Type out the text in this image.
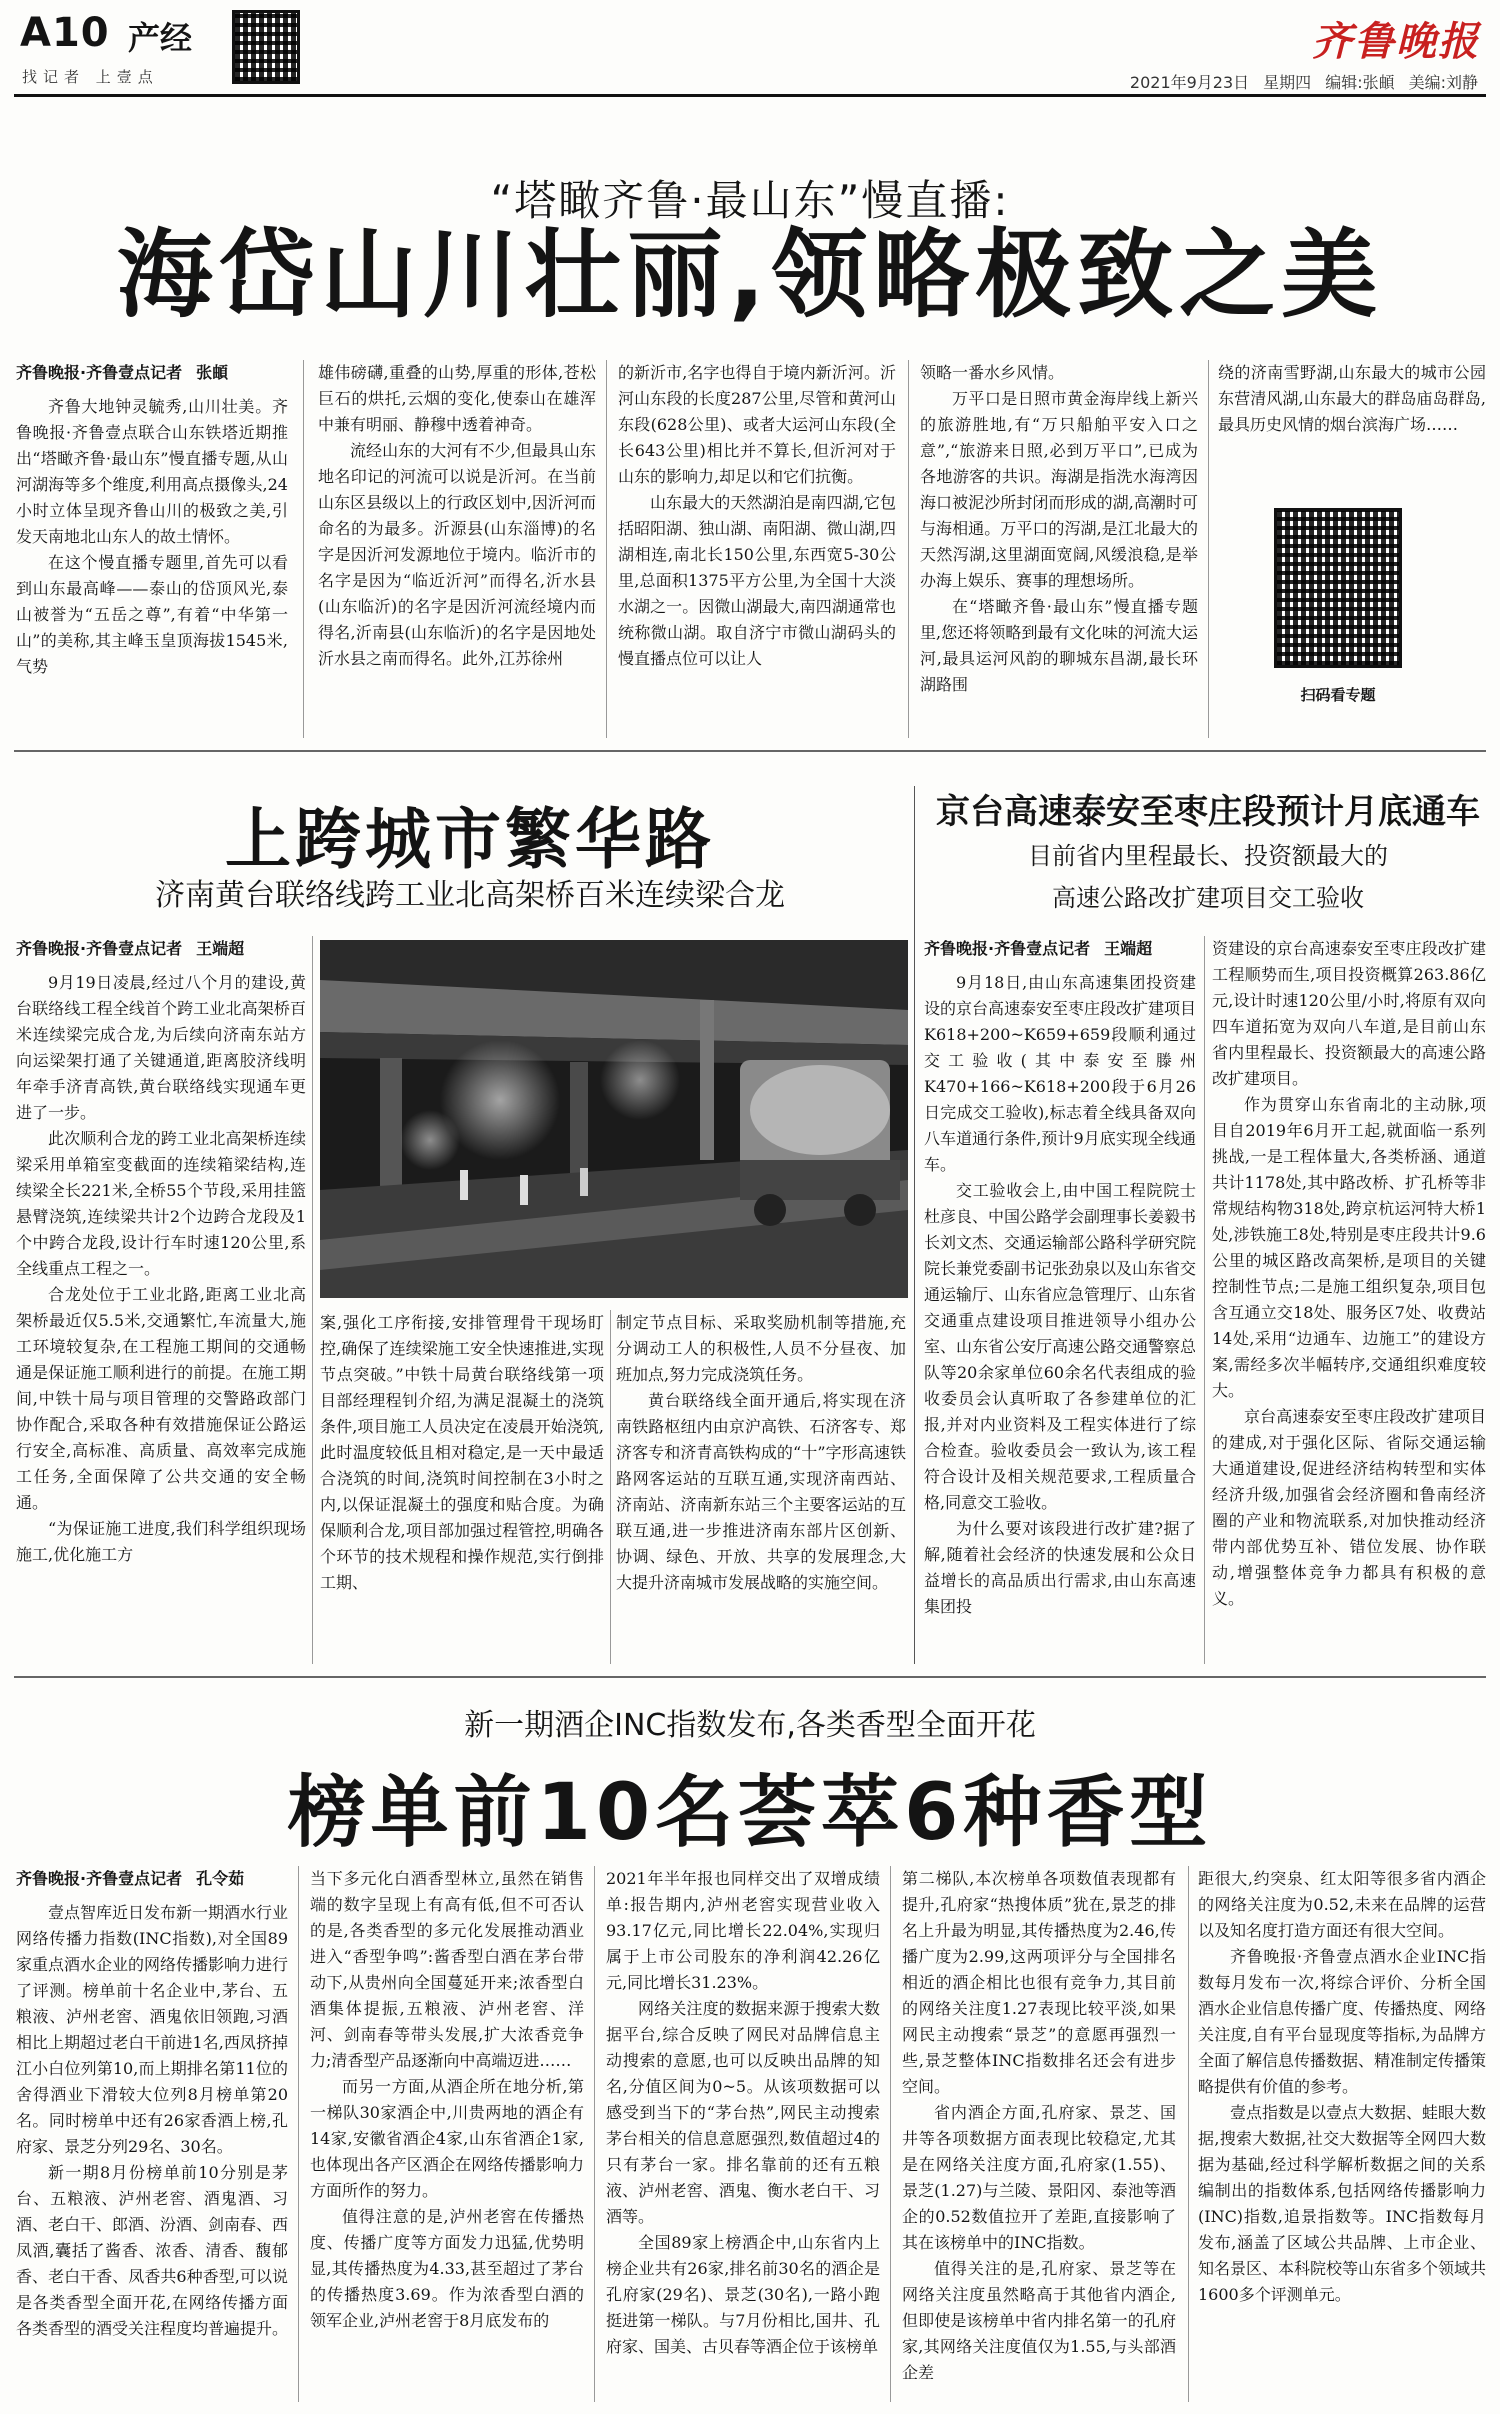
A10 产经
找记者 上壹点
齐鲁晚报
2021年9月23日 星期四 编辑:张頔 美编:刘静
“塔瞰齐鲁·最山东”慢直播:
海岱山川壮丽,领略极致之美
齐鲁晚报·齐鲁壹点记者 张頔

齐鲁大地钟灵毓秀,山川壮美。齐鲁晚报·齐鲁壹点联合山东铁塔近期推出“塔瞰齐鲁·最山东”慢直播专题,从山河湖海等多个维度,利用高点摄像头,24小时立体呈现齐鲁山川的极致之美,引发天南地北山东人的故土情怀。

在这个慢直播专题里,首先可以看到山东最高峰——泰山的岱顶风光,泰山被誉为“五岳之尊”,有着“中华第一山”的美称,其主峰玉皇顶海拔1545米,气势

雄伟磅礴,重叠的山势,厚重的形体,苍松巨石的烘托,云烟的变化,使泰山在雄浑中兼有明丽、静穆中透着神奇。

流经山东的大河有不少,但最具山东地名印记的河流可以说是沂河。在当前山东区县级以上的行政区划中,因沂河而命名的为最多。沂源县(山东淄博)的名字是因沂河发源地位于境内。临沂市的名字是因为“临近沂河”而得名,沂水县(山东临沂)的名字是因沂河流经境内而得名,沂南县(山东临沂)的名字是因地处沂水县之南而得名。此外,江苏徐州

的新沂市,名字也得自于境内新沂河。沂河山东段的长度287公里,尽管和黄河山东段(628公里)、或者大运河山东段(全长643公里)相比并不算长,但沂河对于山东的影响力,却足以和它们抗衡。

山东最大的天然湖泊是南四湖,它包括昭阳湖、独山湖、南阳湖、微山湖,四湖相连,南北长150公里,东西宽5-30公里,总面积1375平方公里,为全国十大淡水湖之一。因微山湖最大,南四湖通常也统称微山湖。取自济宁市微山湖码头的慢直播点位可以让人

领略一番水乡风情。

万平口是日照市黄金海岸线上新兴的旅游胜地,有“万只船舶平安入口之意”,“旅游来日照,必到万平口”,已成为各地游客的共识。海湖是指洗水海湾因海口被泥沙所封闭而形成的湖,高潮时可与海相通。万平口的泻湖,是江北最大的天然泻湖,这里湖面宽阔,风缓浪稳,是举办海上娱乐、赛事的理想场所。

在“塔瞰齐鲁·最山东”慢直播专题里,您还将领略到最有文化味的河流大运河,最具运河风韵的聊城东昌湖,最长环湖路围

绕的济南雪野湖,山东最大的城市公园东营清风湖,山东最大的群岛庙岛群岛,最具历史风情的烟台滨海广场……

扫码看专题
上跨城市繁华路
济南黄台联络线跨工业北高架桥百米连续梁合龙
齐鲁晚报·齐鲁壹点记者 王端超

9月19日凌晨,经过八个月的建设,黄台联络线工程全线首个跨工业北高架桥百米连续梁完成合龙,为后续向济南东站方向运梁架打通了关键通道,距离胶济线明年牵手济青高铁,黄台联络线实现通车更进了一步。

此次顺利合龙的跨工业北高架桥连续梁采用单箱室变截面的连续箱梁结构,连续梁全长221米,全桥55个节段,采用挂篮悬臂浇筑,连续梁共计2个边跨合龙段及1个中跨合龙段,设计行车时速120公里,系全线重点工程之一。

合龙处位于工业北路,距离工业北高架桥最近仅5.5米,交通繁忙,车流量大,施工环境较复杂,在工程施工期间的交通畅通是保证施工顺利进行的前提。在施工期间,中铁十局与项目管理的交警路政部门协作配合,采取各种有效措施保证公路运行安全,高标准、高质量、高效率完成施工任务,全面保障了公共交通的安全畅通。

“为保证施工进度,我们科学组织现场施工,优化施工方

案,强化工序衔接,安排管理骨干现场盯控,确保了连续梁施工安全快速推进,实现节点突破。”中铁十局黄台联络线第一项目部经理程钊介绍,为满足混凝土的浇筑条件,项目施工人员决定在凌晨开始浇筑,此时温度较低且相对稳定,是一天中最适合浇筑的时间,浇筑时间控制在3小时之内,以保证混凝土的强度和贴合度。为确保顺利合龙,项目部加强过程管控,明确各个环节的技术规程和操作规范,实行倒排工期、

制定节点目标、采取奖励机制等措施,充分调动工人的积极性,人员不分昼夜、加班加点,努力完成浇筑任务。

黄台联络线全面开通后,将实现在济南铁路枢纽内由京沪高铁、石济客专、郑济客专和济青高铁构成的“十”字形高速铁路网客运站的互联互通,实现济南西站、济南站、济南新东站三个主要客运站的互联互通,进一步推进济南东部片区创新、协调、绿色、开放、共享的发展理念,大大提升济南城市发展战略的实施空间。

京台高速泰安至枣庄段预计月底通车
目前省内里程最长、投资额最大的
高速公路改扩建项目交工验收
齐鲁晚报·齐鲁壹点记者 王端超

9月18日,由山东高速集团投资建设的京台高速泰安至枣庄段改扩建项目K618+200~K659+659段顺利通过交工验收(其中泰安至滕州K470+166~K618+200段于6月26日完成交工验收),标志着全线具备双向八车道通行条件,预计9月底实现全线通车。

交工验收会上,由中国工程院院士杜彦良、中国公路学会副理事长姜毅书长刘文杰、交通运输部公路科学研究院院长兼党委副书记张劲泉以及山东省交通运输厅、山东省应急管理厅、山东省交通重点建设项目推进领导小组办公室、山东省公安厅高速公路交通警察总队等20余家单位60余名代表组成的验收委员会认真听取了各参建单位的汇报,并对内业资料及工程实体进行了综合检查。验收委员会一致认为,该工程符合设计及相关规范要求,工程质量合格,同意交工验收。

为什么要对该段进行改扩建?据了解,随着社会经济的快速发展和公众日益增长的高品质出行需求,由山东高速集团投

资建设的京台高速泰安至枣庄段改扩建工程顺势而生,项目投资概算263.86亿元,设计时速120公里/小时,将原有双向四车道拓宽为双向八车道,是目前山东省内里程最长、投资额最大的高速公路改扩建项目。

作为贯穿山东省南北的主动脉,项目自2019年6月开工起,就面临一系列挑战,一是工程体量大,各类桥涵、通道共计1178处,其中路改桥、扩孔桥等非常规结构物318处,跨京杭运河特大桥1处,涉铁施工8处,特别是枣庄段共计9.6公里的城区路改高架桥,是项目的关键控制性节点;二是施工组织复杂,项目包含互通立交18处、服务区7处、收费站14处,采用“边通车、边施工”的建设方案,需经多次半幅转序,交通组织难度较大。

京台高速泰安至枣庄段改扩建项目的建成,对于强化区际、省际交通运输大通道建设,促进经济结构转型和实体经济升级,加强省会经济圈和鲁南经济圈的产业和物流联系,对加快推动经济带内部优势互补、错位发展、协作联动,增强整体竞争力都具有积极的意义。

新一期酒企INC指数发布,各类香型全面开花
榜单前10名荟萃6种香型
齐鲁晚报·齐鲁壹点记者 孔令茹

壹点智库近日发布新一期酒水行业网络传播力指数(INC指数),对全国89家重点酒水企业的网络传播影响力进行了评测。榜单前十名企业中,茅台、五粮液、泸州老窖、酒鬼依旧领跑,习酒相比上期超过老白干前进1名,西凤挤掉江小白位列第10,而上期排名第11位的舍得酒业下滑较大位列8月榜单第20名。同时榜单中还有26家香酒上榜,孔府家、景芝分列29名、30名。

新一期8月份榜单前10分别是茅台、五粮液、泸州老窖、酒鬼酒、习酒、老白干、郎酒、汾酒、剑南春、西凤酒,囊括了酱香、浓香、清香、馥郁香、老白干香、凤香共6种香型,可以说是各类香型全面开花,在网络传播方面各类香型的酒受关注程度均普遍提升。

当下多元化白酒香型林立,虽然在销售端的数字呈现上有高有低,但不可否认的是,各类香型的多元化发展推动酒业进入“香型争鸣”:酱香型白酒在茅台带动下,从贵州向全国蔓延开来;浓香型白酒集体提振,五粮液、泸州老窖、洋河、剑南春等带头发展,扩大浓香竞争力;清香型产品逐渐向中高端迈进……

而另一方面,从酒企所在地分析,第一梯队30家酒企中,川贵两地的酒企有14家,安徽省酒企4家,山东省酒企1家,也体现出各产区酒企在网络传播影响力方面所作的努力。

值得注意的是,泸州老窖在传播热度、传播广度等方面发力迅猛,优势明显,其传播热度为4.33,甚至超过了茅台的传播热度3.69。作为浓香型白酒的领军企业,泸州老窖于8月底发布的

2021年半年报也同样交出了双增成绩单:报告期内,泸州老窖实现营业收入93.17亿元,同比增长22.04%,实现归属于上市公司股东的净利润42.26亿元,同比增长31.23%。

网络关注度的数据来源于搜索大数据平台,综合反映了网民对品牌信息主动搜索的意愿,也可以反映出品牌的知名,分值区间为0~5。从该项数据可以感受到当下的“茅台热”,网民主动搜索茅台相关的信息意愿强烈,数值超过4的只有茅台一家。排名靠前的还有五粮液、泸州老窖、酒鬼、衡水老白干、习酒等。

全国89家上榜酒企中,山东省内上榜企业共有26家,排名前30名的酒企是孔府家(29名)、景芝(30名),一路小跑挺进第一梯队。与7月份相比,国井、孔府家、国美、古贝春等酒企位于该榜单

第二梯队,本次榜单各项数值表现都有提升,孔府家“热搜体质”犹在,景芝的排名上升最为明显,其传播热度为2.46,传播广度为2.99,这两项评分与全国排名相近的酒企相比也很有竞争力,其目前的网络关注度1.27表现比较平淡,如果网民主动搜索“景芝”的意愿再强烈一些,景芝整体INC指数排名还会有进步空间。

省内酒企方面,孔府家、景芝、国井等各项数据方面表现比较稳定,尤其是在网络关注度方面,孔府家(1.55)、景芝(1.27)与兰陵、景阳冈、泰池等酒企的0.52数值拉开了差距,直接影响了其在该榜单中的INC指数。

值得关注的是,孔府家、景芝等在网络关注度虽然略高于其他省内酒企,但即使是该榜单中省内排名第一的孔府家,其网络关注度值仅为1.55,与头部酒企差

距很大,约突泉、红太阳等很多省内酒企的网络关注度为0.52,未来在品牌的运营以及知名度打造方面还有很大空间。

齐鲁晚报·齐鲁壹点酒水企业INC指数每月发布一次,将综合评价、分析全国酒水企业信息传播广度、传播热度、网络关注度,自有平台显现度等指标,为品牌方全面了解信息传播数据、精准制定传播策略提供有价值的参考。

壹点指数是以壹点大数据、蛙眼大数据,搜索大数据,社交大数据等全网四大数据为基础,经过科学解析数据之间的关系编制出的指数体系,包括网络传播影响力(INC)指数,追景指数等。INC指数每月发布,涵盖了区域公共品牌、上市企业、知名景区、本科院校等山东省多个领域共1600多个评测单元。
